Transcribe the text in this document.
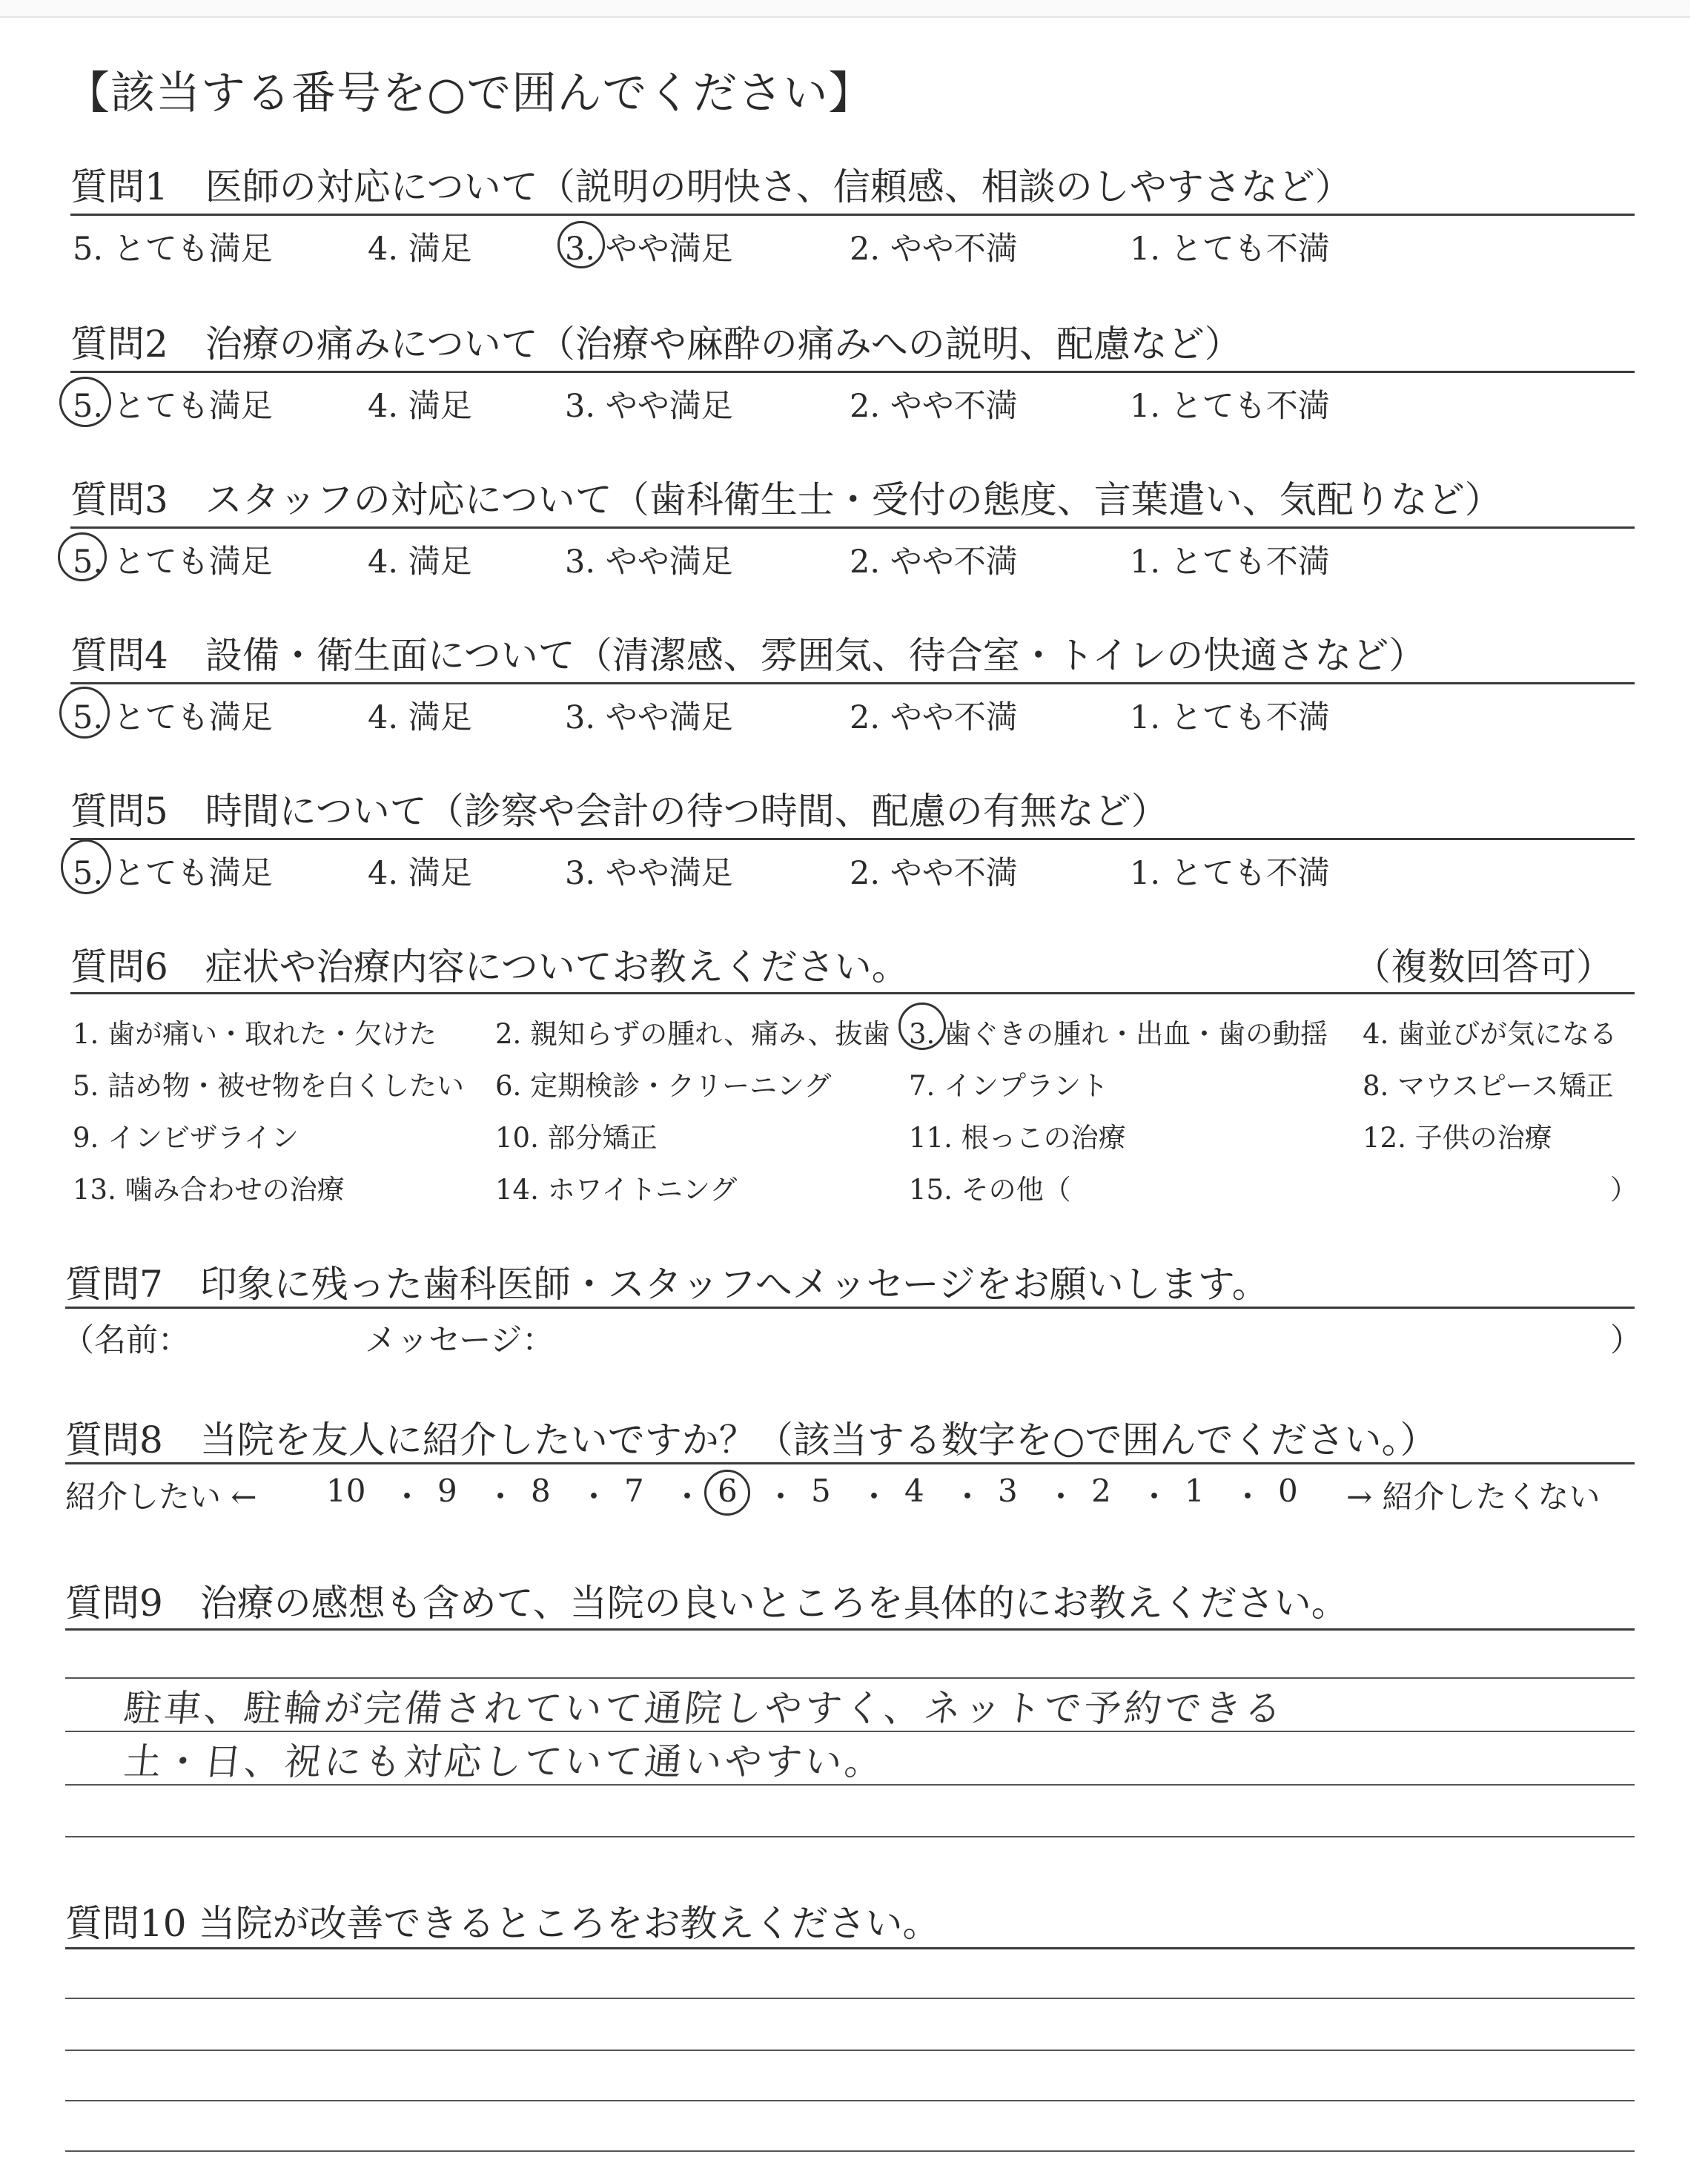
【該当する番号を○で囲んでください】
質問1　医師の対応について（説明の明快さ、信頼感、相談のしやすさなど）
5. とても満足	4. 満足	3. やや満足	2. やや不満	1. とても不満
質問2　治療の痛みについて（治療や麻酔の痛みへの説明、配慮など）
5. とても満足	4. 満足	3. やや満足	2. やや不満	1. とても不満
質問3　スタッフの対応について（歯科衛生士・受付の態度、言葉遣い、気配りなど）
5. とても満足	4. 満足	3. やや満足	2. やや不満	1. とても不満
質問4　設備・衛生面について（清潔感、雰囲気、待合室・トイレの快適さなど）
5. とても満足	4. 満足	3. やや満足	2. やや不満	1. とても不満
質問5　時間について（診察や会計の待つ時間、配慮の有無など）
5. とても満足	4. 満足	3. やや満足	2. やや不満	1. とても不満
質問6　症状や治療内容についてお教えください。	（複数回答可）
1. 歯が痛い・取れた・欠けた 2. 親知らずの腫れ、痛み、抜歯 3. 歯ぐきの腫れ・出血・歯の動揺 4. 歯並びが気になる
5. 詰め物・被せ物を白くしたい 6. 定期検診・クリーニング	7. インプラント	8. マウスピース矯正
9. インビザライン	10. 部分矯正	11. 根っこの治療	12. 子供の治療
13. 噛み合わせの治療	14. ホワイトニング	15. その他（	）
質問7　印象に残った歯科医師・スタッフへメッセージをお願いします。
（名前：	メッセージ：	）
質問8　当院を友人に紹介したいですか？（該当する数字を○で囲んでください。）
紹介したい ←	→ 紹介したくない
10 ・ 9 ・ 8 ・ 7 ・ 6 ・ 5 ・ 4 ・ 3 ・ 2 ・ 1 ・ 0
質問9　治療の感想も含めて、当院の良いところを具体的にお教えください。
駐車、駐輪が完備されていて通院しやすく、ネットで予約できる
土・日、祝にも対応していて通いやすい。
質問10 当院が改善できるところをお教えください。
